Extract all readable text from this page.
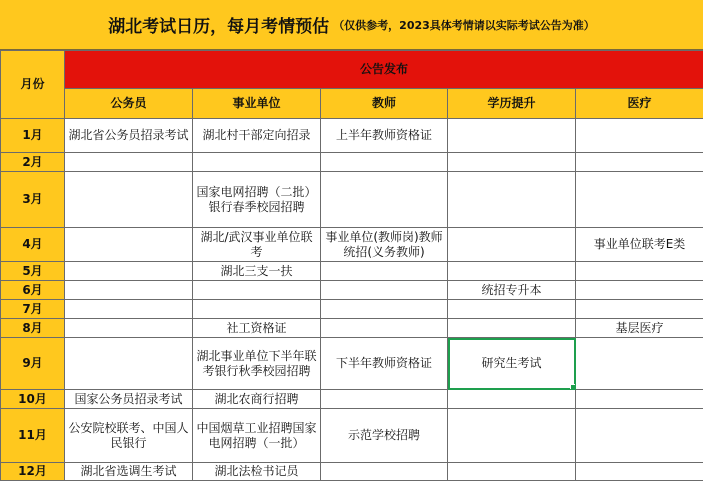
湖北考试日历，每月考情预估 （仅供参考，2023具体考情请以实际考试公告为准）
月份	公告发布				
	公务员	事业单位	教师	学历提升	医疗
1月	湖北省公务员招录考试	湖北村干部定向招录	上半年教师资格证		
2月					
3月		国家电网招聘（二批）银行春季校园招聘			
4月		湖北/武汉事业单位联考	事业单位(教师岗)教师统招(义务教师)		事业单位联考E类
5月		湖北三支一扶			
6月				统招专升本	
7月					
8月		社工资格证			基层医疗
9月		湖北事业单位下半年联考银行秋季校园招聘	下半年教师资格证	研究生考试

10月	国家公务员招录考试	湖北农商行招聘			
11月	公安院校联考、中国人民银行	中国烟草工业招聘国家电网招聘（一批）	示范学校招聘		
12月	湖北省选调生考试	湖北法检书记员			
